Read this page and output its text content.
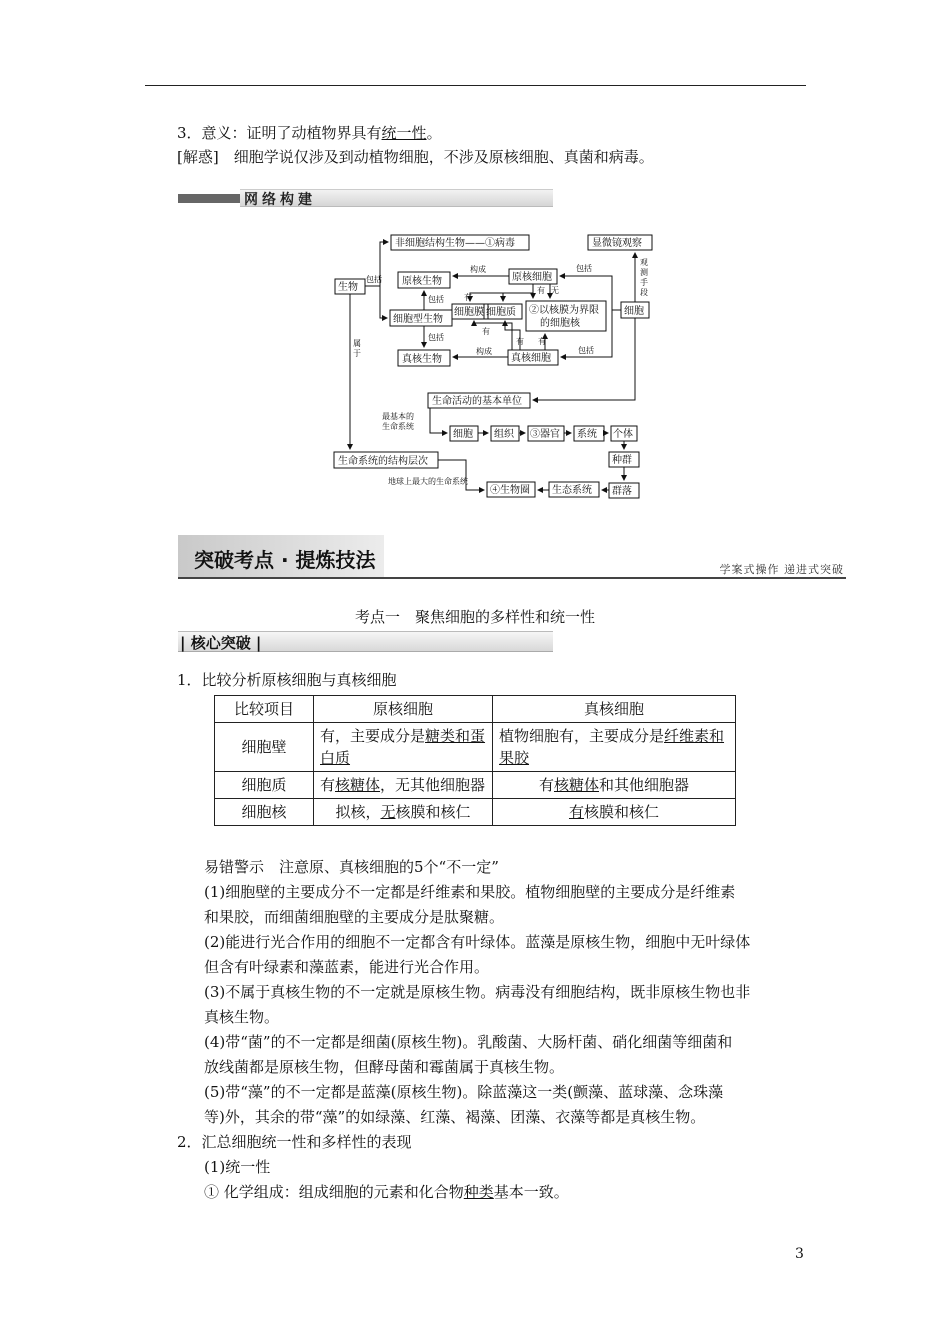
3．意义：证明了动植物界具有统一性。
[解惑]　细胞学说仅涉及到动植物细胞，不涉及原核细胞、真菌和病毒。
网络构建
生物
非细胞结构生物——①病毒
原核生物	原核细胞
细胞型生物
细胞膜 细胞质 ②以核膜为界限
的细胞核
真核生物	真核细胞
显微镜观察
细胞
生命活动的基本单位
细胞 组织 ③器官 系统 个体
种群
群落
生态系统
④生物圈
生命系统的结构层次
包括
构成	包括
包括
包括
有
无
有
有
有 有
构成	包括
观
测
手
段
属
于
最基本的
生命系统
地球上最大的生命系统
突破考点 · 提炼技法	学案式操作 递进式突破
考点一　聚焦细胞的多样性和统一性
| 核心突破 |
1．比较分析原核细胞与真核细胞
比较项目	原核细胞	真核细胞
细胞壁	有，主要成分是糖类和蛋白质	植物细胞有，主要成分是纤维素和果胶
细胞质	有核糖体，无其他细胞器	有核糖体和其他细胞器
细胞核	拟核，无核膜和核仁	有核膜和核仁
易错警示　注意原、真核细胞的5个“不一定”
(1)细胞壁的主要成分不一定都是纤维素和果胶。植物细胞壁的主要成分是纤维素
和果胶，而细菌细胞壁的主要成分是肽聚糖。
(2)能进行光合作用的细胞不一定都含有叶绿体。蓝藻是原核生物，细胞中无叶绿体
但含有叶绿素和藻蓝素，能进行光合作用。
(3)不属于真核生物的不一定就是原核生物。病毒没有细胞结构，既非原核生物也非
真核生物。
(4)带“菌”的不一定都是细菌(原核生物)。乳酸菌、大肠杆菌、硝化细菌等细菌和
放线菌都是原核生物，但酵母菌和霉菌属于真核生物。
(5)带“藻”的不一定都是蓝藻(原核生物)。除蓝藻这一类(颤藻、蓝球藻、念珠藻
等)外，其余的带“藻”的如绿藻、红藻、褐藻、团藻、衣藻等都是真核生物。
2．汇总细胞统一性和多样性的表现
(1)统一性
① 化学组成：组成细胞的元素和化合物种类基本一致。
3
